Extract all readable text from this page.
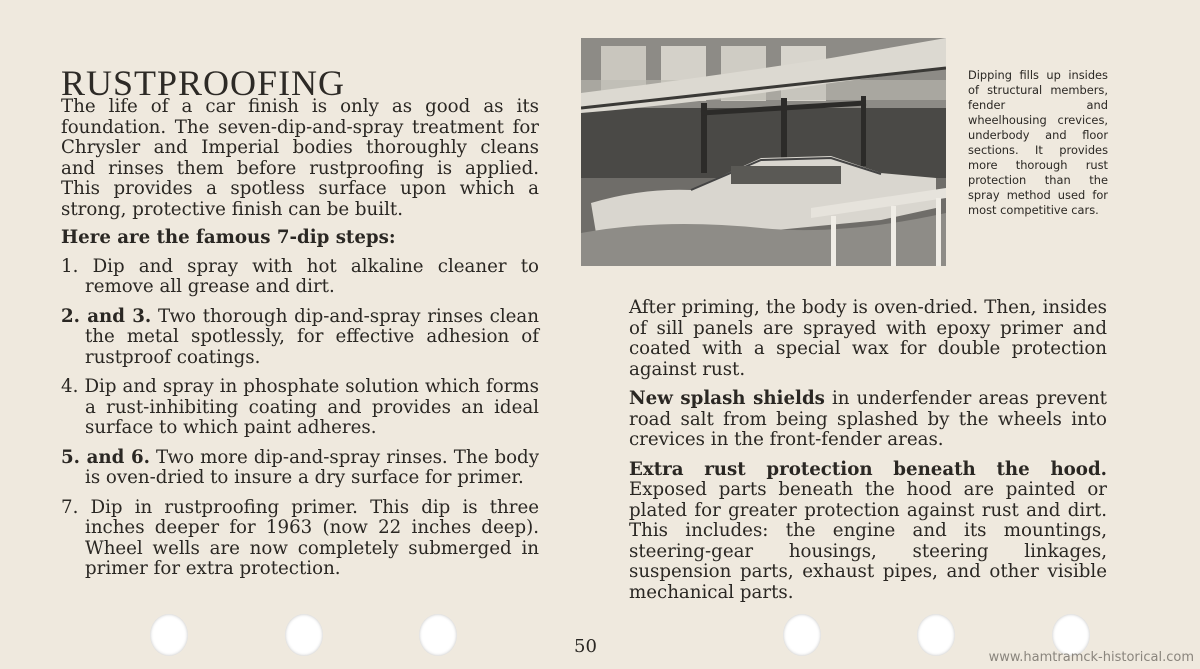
RUSTPROOFING

The life of a car finish is only as good as its foundation. The seven-dip-and-spray treatment for Chrysler and Imperial bodies thoroughly cleans and rinses them before rustproofing is applied. This provides a spotless surface upon which a strong, protective finish can be built.

Here are the famous 7-dip steps:

1. Dip and spray with hot alkaline cleaner to remove all grease and dirt.

2. and 3. Two thorough dip-and-spray rinses clean the metal spotlessly, for effective adhesion of rustproof coatings.

4. Dip and spray in phosphate solution which forms a rust-inhibiting coating and provides an ideal surface to which paint adheres.

5. and 6. Two more dip-and-spray rinses. The body is oven-dried to insure a dry surface for primer.

7. Dip in rustproofing primer. This dip is three inches deeper for 1963 (now 22 inches deep). Wheel wells are now completely submerged in primer for extra protection.

Dipping fills up insides of structural members, fender and wheelhousing crevices, underbody and floor sections. It provides more thorough rust protection than the spray method used for most competitive cars.

After priming, the body is oven-dried. Then, insides of sill panels are sprayed with epoxy primer and coated with a special wax for double protection against rust.

New splash shields in underfender areas prevent road salt from being splashed by the wheels into crevices in the front-fender areas.

Extra rust protection beneath the hood. Exposed parts beneath the hood are painted or plated for greater protection against rust and dirt. This includes: the engine and its mountings, steering-gear housings, steering linkages, suspension parts, exhaust pipes, and other visible mechanical parts.

50
www.hamtramck-historical.com
